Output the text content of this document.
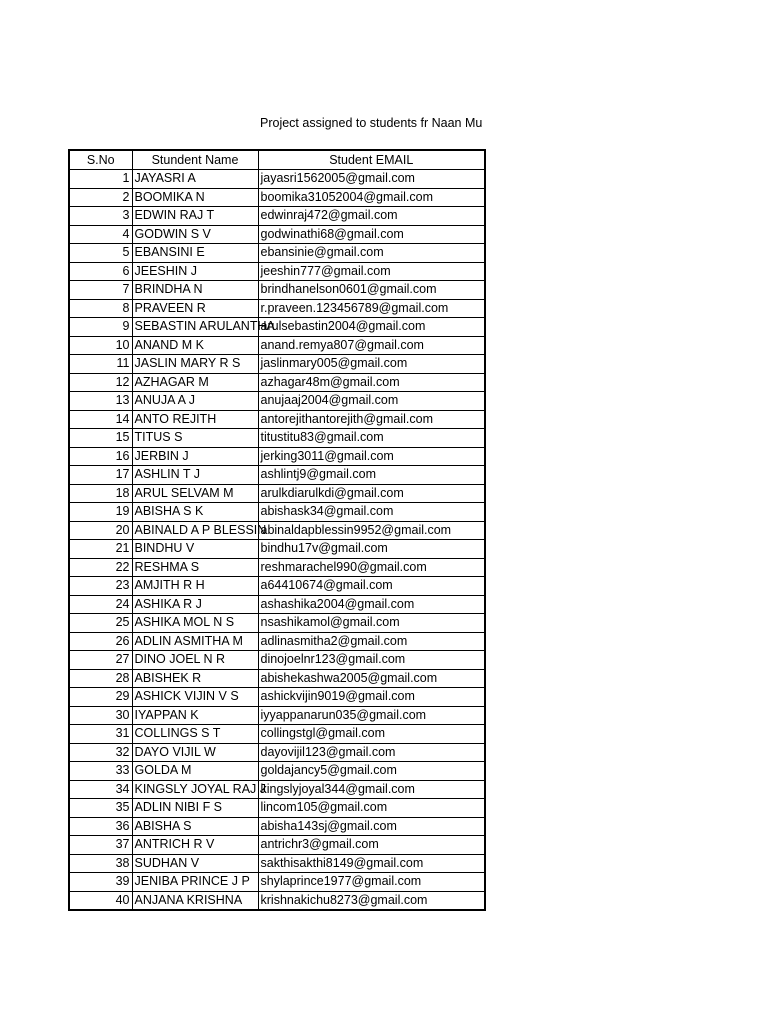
Project assigned to students fr Naan Mu
S.No	Stundent Name	Student EMAIL
1	JAYASRI A	jayasri1562005@gmail.com
2	BOOMIKA N	boomika31052004@gmail.com
3	EDWIN RAJ T	edwinraj472@gmail.com
4	GODWIN S V	godwinathi68@gmail.com
5	EBANSINI E	ebansinie@gmail.com
6	JEESHIN J	jeeshin777@gmail.com
7	BRINDHA N	brindhanelson0601@gmail.com
8	PRAVEEN R	r.praveen.123456789@gmail.com
9	SEBASTIN ARULANTHA	arulsebastin2004@gmail.com
10	ANAND M K	anand.remya807@gmail.com
11	JASLIN MARY R S	jaslinmary005@gmail.com
12	AZHAGAR M	azhagar48m@gmail.com
13	ANUJA A J	anujaaj2004@gmail.com
14	ANTO REJITH	antorejithantorejith@gmail.com
15	TITUS S	titustitu83@gmail.com
16	JERBIN J	jerking3011@gmail.com
17	ASHLIN T J	ashlintj9@gmail.com
18	ARUL SELVAM M	arulkdiarulkdi@gmail.com
19	ABISHA S K	abishask34@gmail.com
20	ABINALD A P BLESSIN	abinaldapblessin9952@gmail.com
21	BINDHU V	bindhu17v@gmail.com
22	RESHMA S	reshmarachel990@gmail.com
23	AMJITH R H	a64410674@gmail.com
24	ASHIKA R J	ashashika2004@gmail.com
25	ASHIKA MOL N S	nsashikamol@gmail.com
26	ADLIN ASMITHA M	adlinasmitha2@gmail.com
27	DINO JOEL N R	dinojoelnr123@gmail.com
28	ABISHEK R	abishekashwa2005@gmail.com
29	ASHICK VIJIN V S	ashickvijin9019@gmail.com
30	IYAPPAN K	iyyappanarun035@gmail.com
31	COLLINGS S T	collingstgl@gmail.com
32	DAYO VIJIL W	dayovijil123@gmail.com
33	GOLDA M	goldajancy5@gmail.com
34	KINGSLY JOYAL RAJ J	kingslyjoyal344@gmail.com
35	ADLIN NIBI F S	lincom105@gmail.com
36	ABISHA S	abisha143sj@gmail.com
37	ANTRICH R V	antrichr3@gmail.com
38	SUDHAN V	sakthisakthi8149@gmail.com
39	JENIBA PRINCE J P	shylaprince1977@gmail.com
40	ANJANA KRISHNA	krishnakichu8273@gmail.com
